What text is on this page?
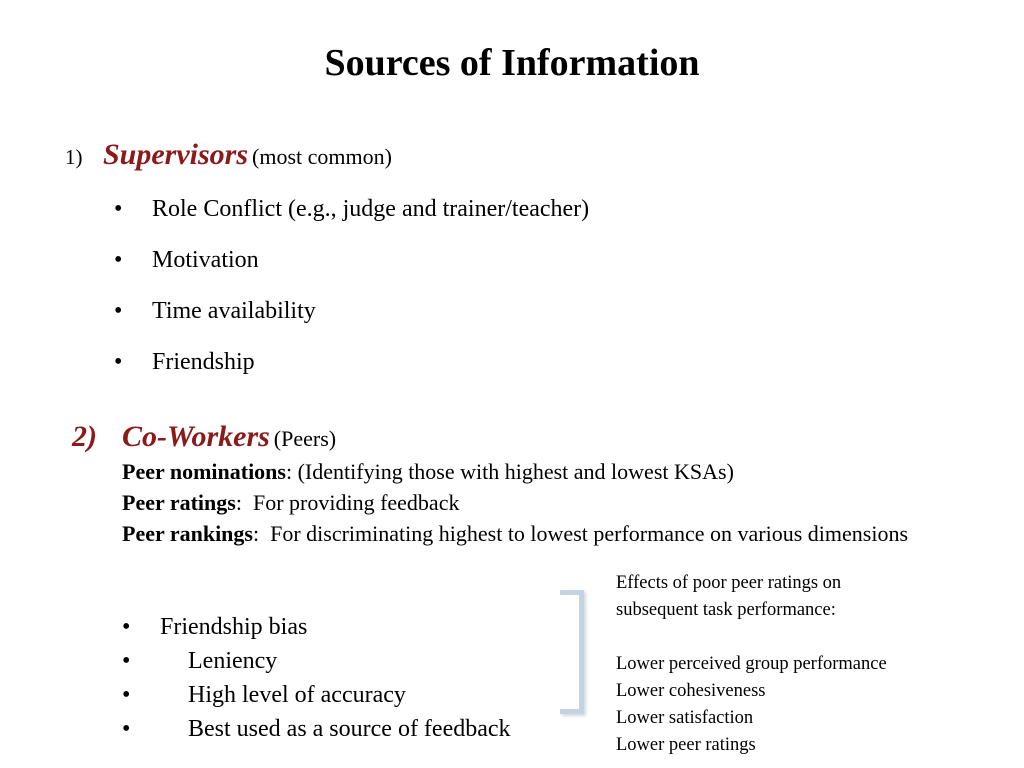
Sources of Information
1) Supervisors (most common)
• Role Conflict (e.g., judge and trainer/teacher)
• Motivation
• Time availability
• Friendship
2) Co-Workers (Peers)
Peer nominations: (Identifying those with highest and lowest KSAs)
Peer ratings:  For providing feedback
Peer rankings:  For discriminating highest to lowest performance on various dimensions
• Friendship bias
• Leniency
• High level of accuracy
• Best used as a source of feedback
Effects of poor peer ratings on
subsequent task performance:
Lower perceived group performance
Lower cohesiveness
Lower satisfaction
Lower peer ratings
